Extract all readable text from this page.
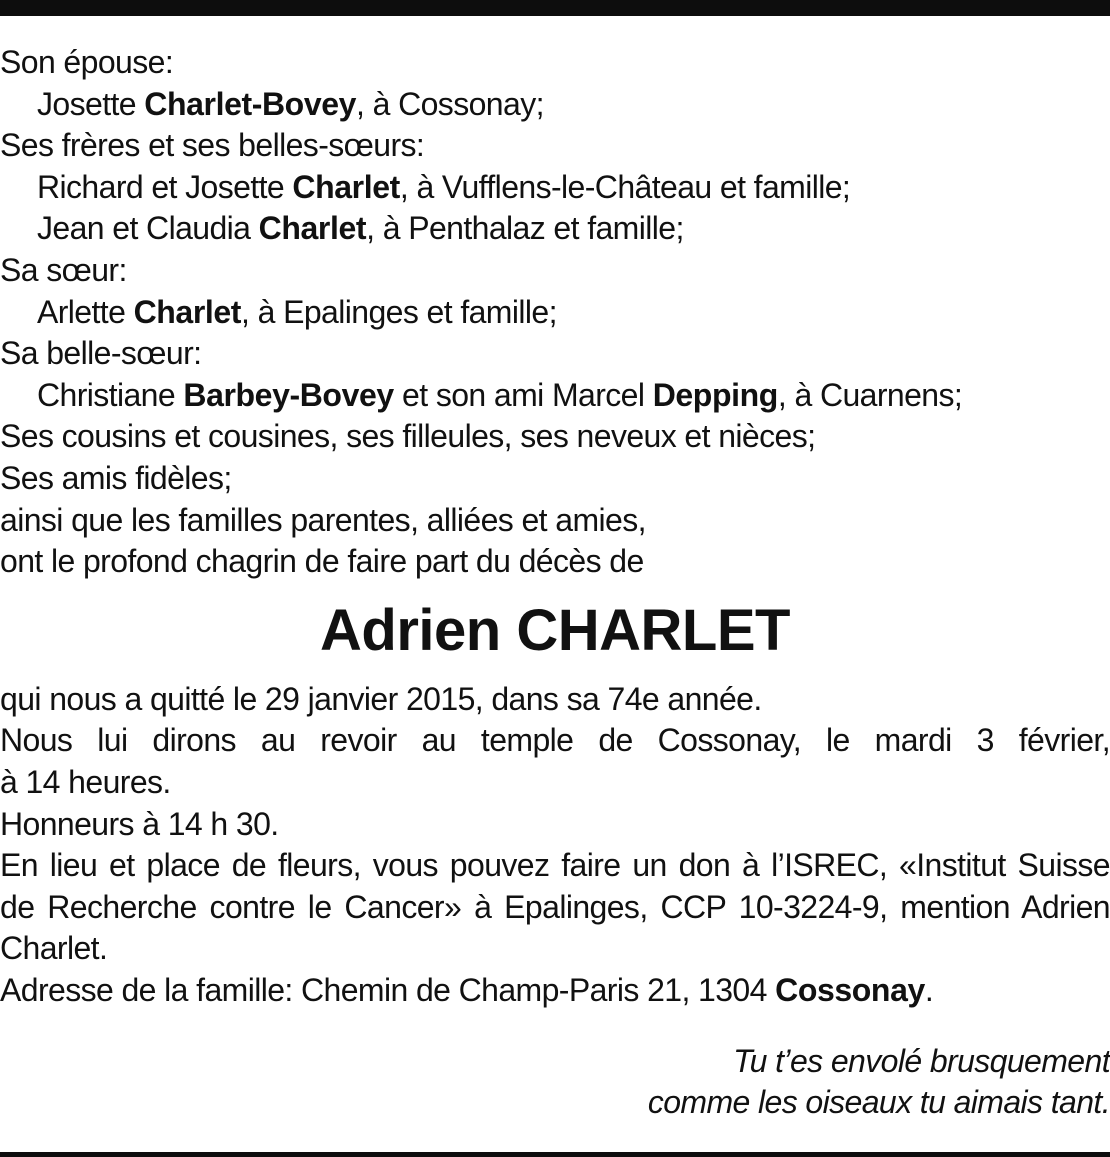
Son épouse:
Josette Charlet-Bovey, à Cossonay;
Ses frères et ses belles-sœurs:
Richard et Josette Charlet, à Vufflens-le-Château et famille;
Jean et Claudia Charlet, à Penthalaz et famille;
Sa sœur:
Arlette Charlet, à Epalinges et famille;
Sa belle-sœur:
Christiane Barbey-Bovey et son ami Marcel Depping, à Cuarnens;
Ses cousins et cousines, ses filleules, ses neveux et nièces;
Ses amis fidèles;
ainsi que les familles parentes, alliées et amies,
ont le profond chagrin de faire part du décès de
Adrien CHARLET
qui nous a quitté le 29 janvier 2015, dans sa 74e année.
Nous lui dirons au revoir au temple de Cossonay, le mardi 3 février,
à 14 heures.
Honneurs à 14 h 30.
En lieu et place de fleurs, vous pouvez faire un don à l’ISREC, «Institut Suisse
de Recherche contre le Cancer» à Epalinges, CCP 10-3224-9, mention Adrien
Charlet.
Adresse de la famille: Chemin de Champ-Paris 21, 1304 Cossonay.
Tu t’es envolé brusquement
comme les oiseaux tu aimais tant.
